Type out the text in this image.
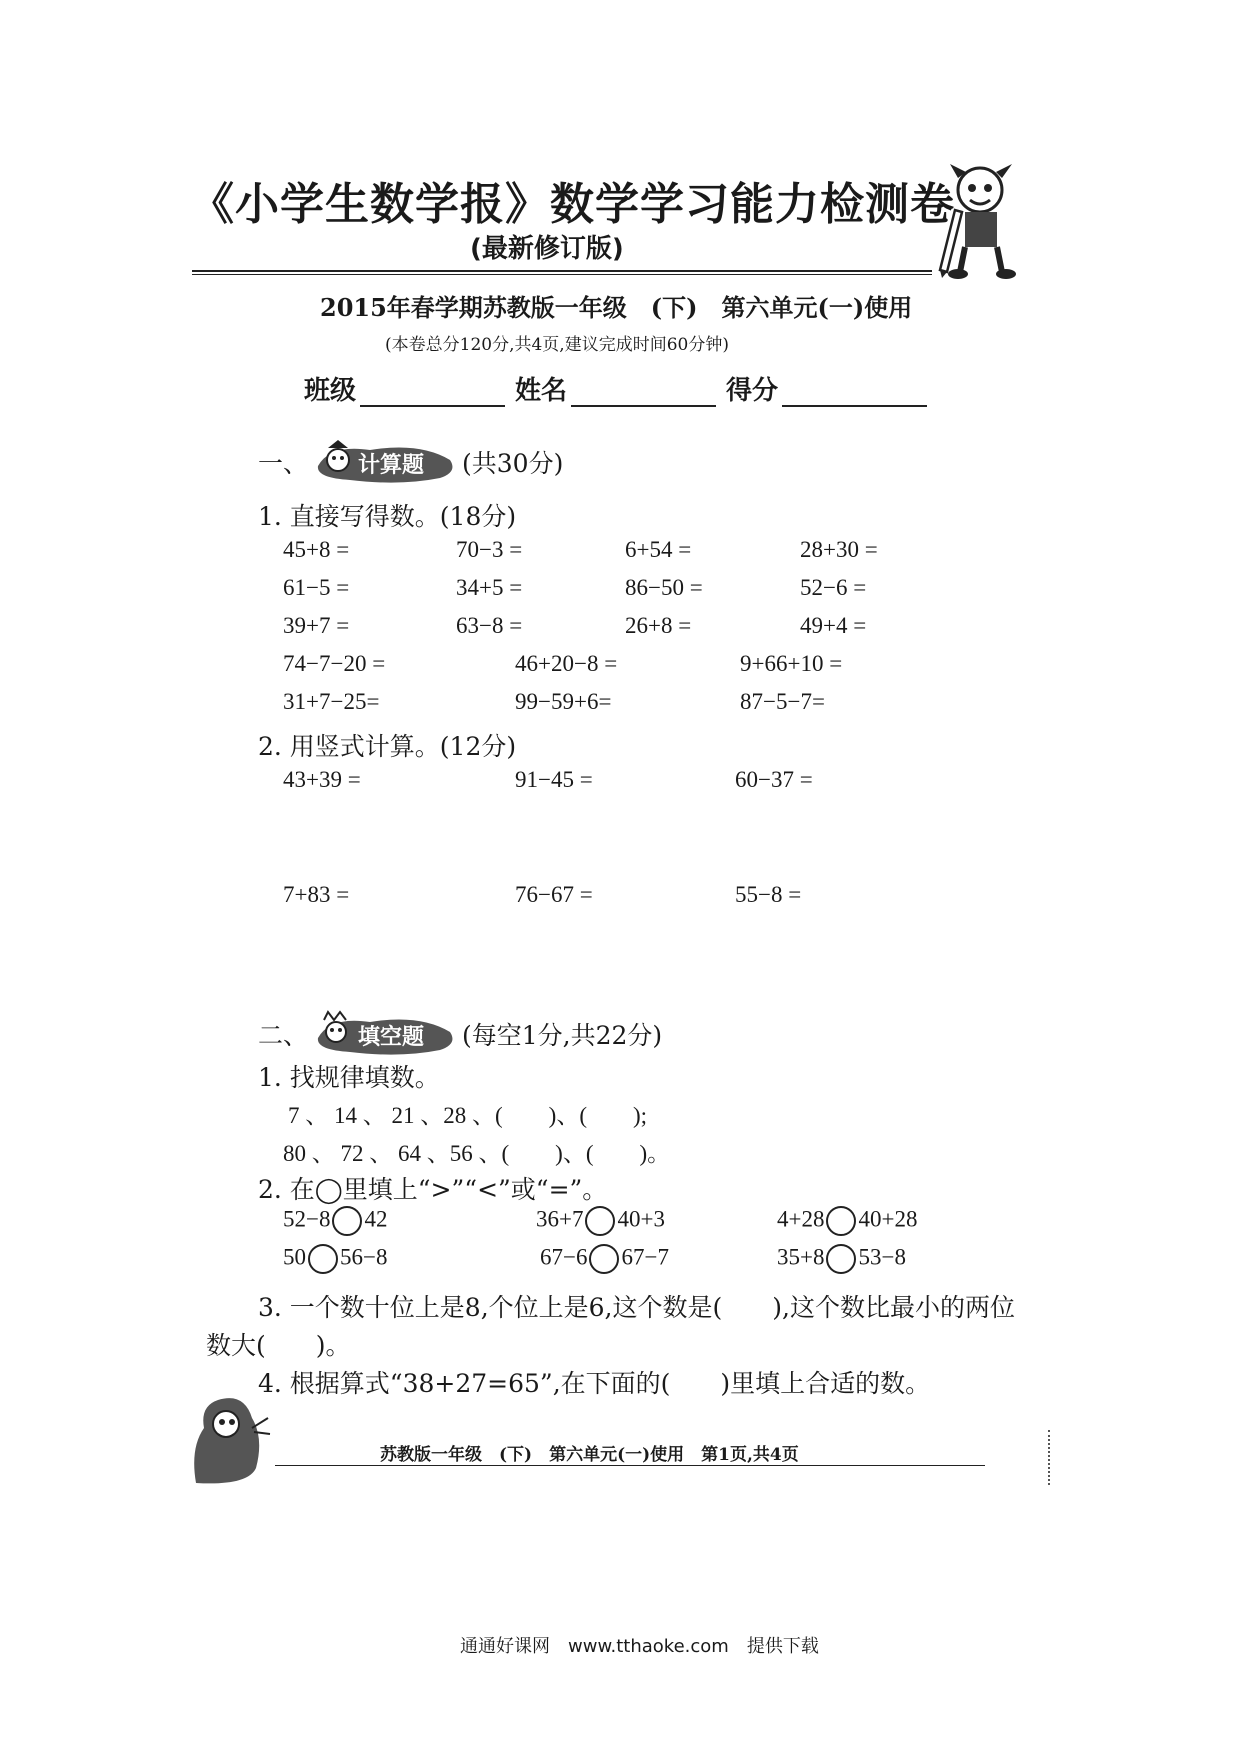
《小学生数学报》数学学习能力检测卷
(最新修订版)
2015年春学期苏教版一年级　(下)　第六单元(一)使用
(本卷总分120分,共4页,建议完成时间60分钟)
班级	姓名	得分
一、 计算题 (共30分)
1. 直接写得数。(18分)
45+8 =	70−3 =	6+54 =	28+30 =
61−5 =	34+5 =	86−50 =	52−6 =
39+7 =	63−8 =	26+8 =	49+4 =
74−7−20 =	46+20−8 =	9+66+10 =
31+7−25=	99−59+6=	87−5−7=
2. 用竖式计算。(12分)
43+39 =	91−45 =	60−37 =
7+83 =	76−67 =	55−8 =
二、 填空题 (每空1分,共22分)
1. 找规律填数。
7 、 14 、 21 、28 、(　　)、(　　);
80 、 72 、 64 、56 、(　　)、(　　)。
2. 在◯里填上“>”“<”或“=”。
52−8 42	36+7 40+3	4+28 40+28
50 56−8	67−6 67−7	35+8 53−8
3. 一个数十位上是8,个位上是6,这个数是(　　),这个数比最小的两位
数大(　　)。
4. 根据算式“38+27=65”,在下面的(　　)里填上合适的数。
苏教版一年级　(下)　第六单元(一)使用　第1页,共4页
通通好课网　www.tthaoke.com　提供下载
